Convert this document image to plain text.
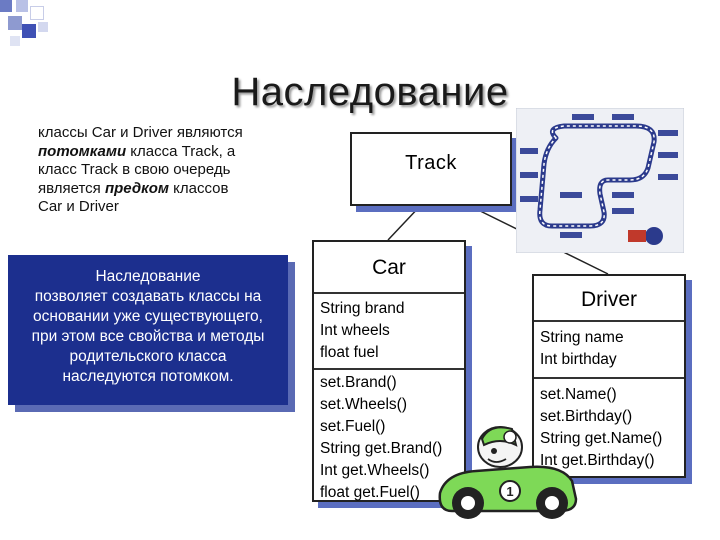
Наследование
классы Car и Driver являются
потомками класса Track, а
класс Track в свою очередь
является предком классов
Car и Driver
Наследование
позволяет создавать классы на
основании уже существующего,
при этом все свойства и методы
родительского класса
наследуются потомком.
Track
Car
String brand
Int wheels
float fuel
set.Brand()
set.Wheels()
set.Fuel()
String get.Brand()
Int get.Wheels()
float get.Fuel()
Driver
String name
Int birthday
set.Name()
set.Birthday()
String get.Name()
Int get.Birthday()
1
